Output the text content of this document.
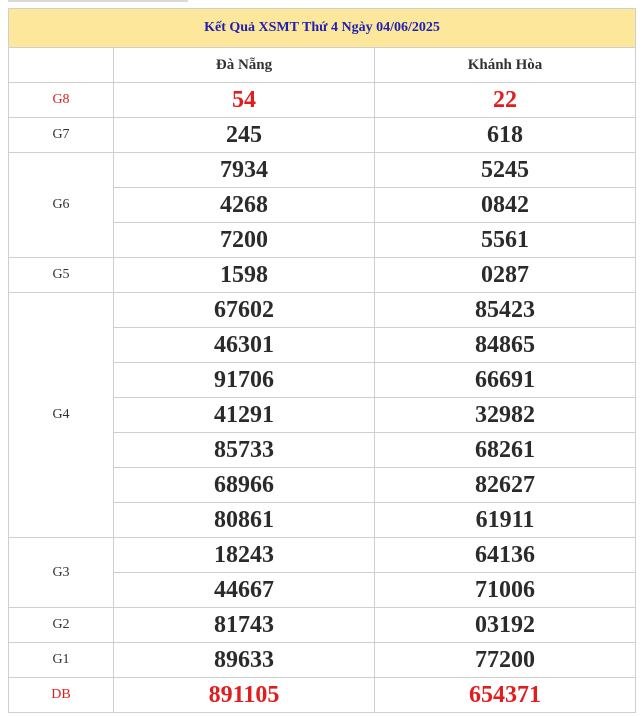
Kết Quả XSMT Thứ 4 Ngày 04/06/2025		
	Đà Nẵng	Khánh Hòa
G8	54	22
G7	245	618
G6	7934	5245
	4268	0842
	7200	5561
G5	1598	0287
G4	67602	85423
	46301	84865
	91706	66691
	41291	32982
	85733	68261
	68966	82627
	80861	61911
G3	18243	64136
	44667	71006
G2	81743	03192
G1	89633	77200
DB	891105	654371
